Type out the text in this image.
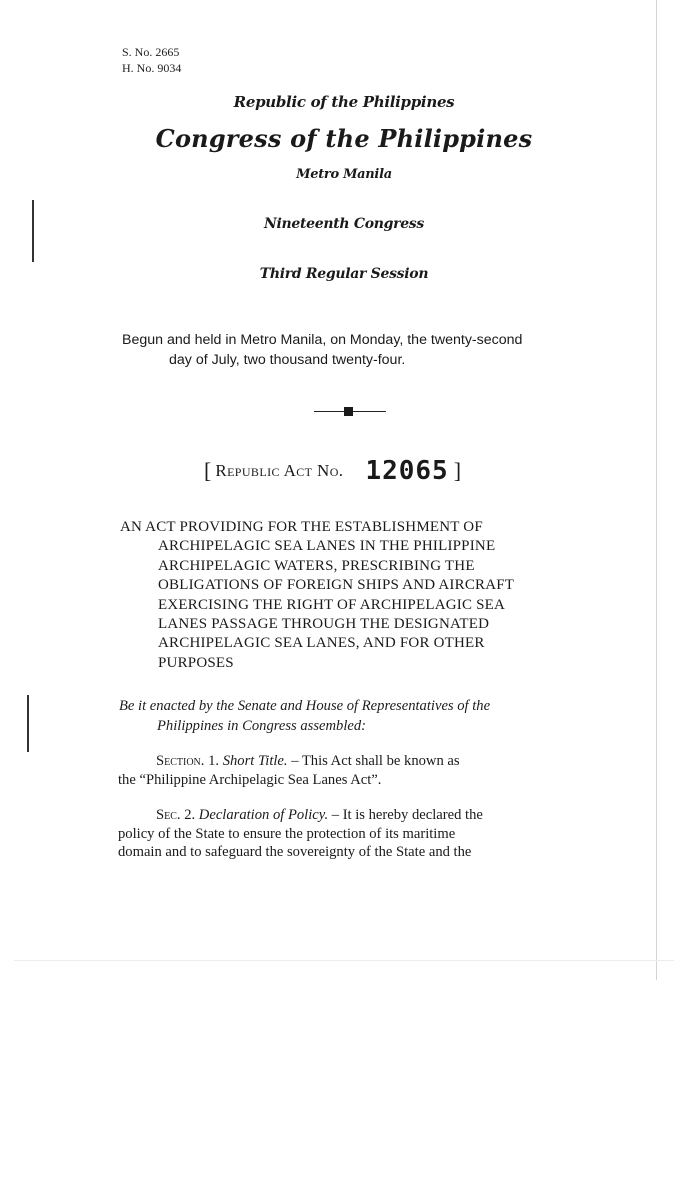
S. No. 2665
H. No. 9034
Republic of the Philippines
Congress of the Philippines
Metro Manila
Nineteenth Congress
Third Regular Session
Begun and held in Metro Manila, on Monday, the twenty-second
day of July, two thousand twenty-four.
[ Republic Act No. 12065 ]
AN ACT PROVIDING FOR THE ESTABLISHMENT OF
ARCHIPELAGIC SEA LANES IN THE PHILIPPINE
ARCHIPELAGIC WATERS, PRESCRIBING THE
OBLIGATIONS OF FOREIGN SHIPS AND AIRCRAFT
EXERCISING THE RIGHT OF ARCHIPELAGIC SEA
LANES PASSAGE THROUGH THE DESIGNATED
ARCHIPELAGIC SEA LANES, AND FOR OTHER
PURPOSES
Be it enacted by the Senate and House of Representatives of the
Philippines in Congress assembled:
Section. 1. Short Title. – This Act shall be known as
the “Philippine Archipelagic Sea Lanes Act”.
Sec. 2. Declaration of Policy. – It is hereby declared the
policy of the State to ensure the protection of its maritime
domain and to safeguard the sovereignty of the State and the
